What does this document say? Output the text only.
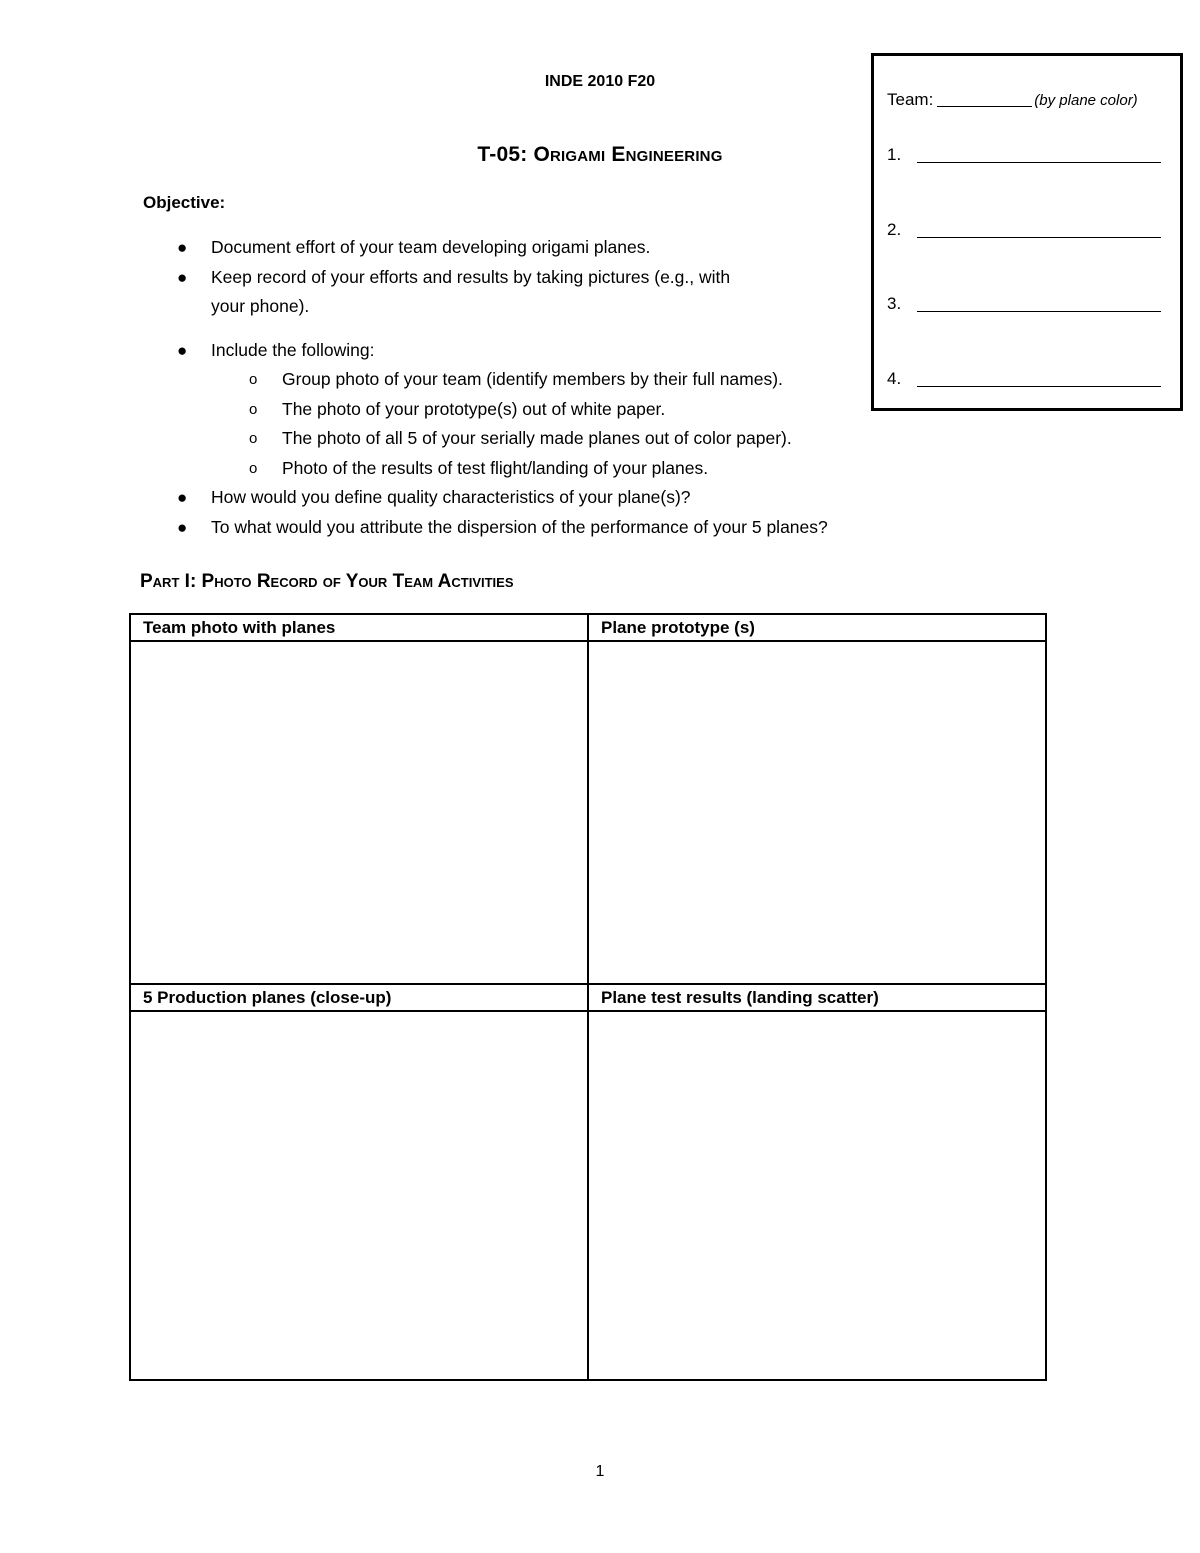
INDE 2010 F20
T-05: Origami Engineering
Team:	(by plane color)
1.
2.
3.
4.
Objective:
● Document effort of your team developing origami planes.
● Keep record of your efforts and results by taking pictures (e.g., with
your phone).
● Include the following:
o Group photo of your team (identify members by their full names).
o The photo of your prototype(s) out of white paper.
o The photo of all 5 of your serially made planes out of color paper).
o Photo of the results of test flight/landing of your planes.
● How would you define quality characteristics of your plane(s)?
● To what would you attribute the dispersion of the performance of your 5 planes?
Part I: Photo Record of Your Team Activities
Team photo with planes	Plane prototype (s)

5 Production planes (close-up)	Plane test results (landing scatter)

1
